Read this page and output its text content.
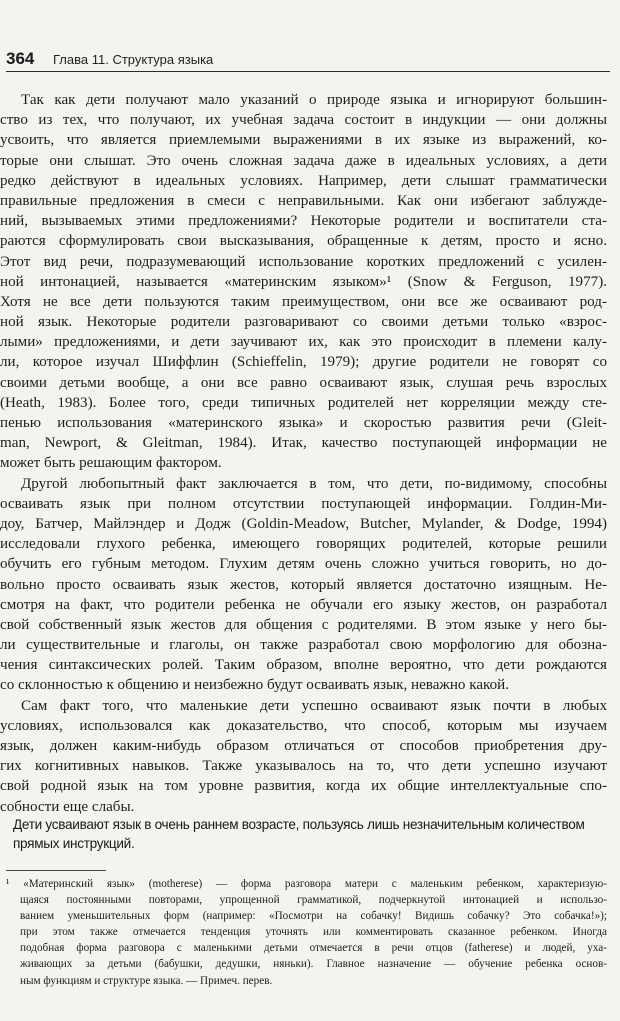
364 Глава 11. Структура языка
Так как дети получают мало указаний о природе языка и игнорируют большин-
ство из тех, что получают, их учебная задача состоит в индукции — они должны
усвоить, что является приемлемыми выражениями в их языке из выражений, ко-
торые они слышат. Это очень сложная задача даже в идеальных условиях, а дети
редко действуют в идеальных условиях. Например, дети слышат грамматически
правильные предложения в смеси с неправильными. Как они избегают заблужде-
ний, вызываемых этими предложениями? Некоторые родители и воспитатели ста-
раются сформулировать свои высказывания, обращенные к детям, просто и ясно.
Этот вид речи, подразумевающий использование коротких предложений с усилен-
ной интонацией, называется «материнским языком»¹ (Snow & Ferguson, 1977).
Хотя не все дети пользуются таким преимуществом, они все же осваивают род-
ной язык. Некоторые родители разговаривают со своими детьми только «взрос-
лыми» предложениями, и дети заучивают их, как это происходит в племени калу-
ли, которое изучал Шиффлин (Schieffelin, 1979); другие родители не говорят со
своими детьми вообще, а они все равно осваивают язык, слушая речь взрослых
(Heath, 1983). Более того, среди типичных родителей нет корреляции между сте-
пенью использования «материнского языка» и скоростью развития речи (Gleit-
man, Newport, & Gleitman, 1984). Итак, качество поступающей информации не
может быть решающим фактором.
Другой любопытный факт заключается в том, что дети, по-видимому, способны
осваивать язык при полном отсутствии поступающей информации. Голдин-Ми-
доу, Батчер, Майлэндер и Додж (Goldin-Meadow, Butcher, Mylander, & Dodge, 1994)
исследовали глухого ребенка, имеющего говорящих родителей, которые решили
обучить его губным методом. Глухим детям очень сложно учиться говорить, но до-
вольно просто осваивать язык жестов, который является достаточно изящным. Не-
смотря на факт, что родители ребенка не обучали его языку жестов, он разработал
свой собственный язык жестов для общения с родителями. В этом языке у него бы-
ли существительные и глаголы, он также разработал свою морфологию для обозна-
чения синтаксических ролей. Таким образом, вполне вероятно, что дети рождаются
со склонностью к общению и неизбежно будут осваивать язык, неважно какой.
Сам факт того, что маленькие дети успешно осваивают язык почти в любых
условиях, использовался как доказательство, что способ, которым мы изучаем
язык, должен каким-нибудь образом отличаться от способов приобретения дру-
гих когнитивных навыков. Также указывалось на то, что дети успешно изучают
свой родной язык на том уровне развития, когда их общие интеллектуальные спо-
собности еще слабы.
Дети усваивают язык в очень раннем возрасте, пользуясь лишь незначительным количеством
прямых инструкций.
¹ «Материнский язык» (motherese) — форма разговора матери с маленьким ребенком, характеризую-
щаяся постоянными повторами, упрощенной грамматикой, подчеркнутой интонацией и использо-
ванием уменьшительных форм (например: «Посмотри на собачку! Видишь собачку? Это собачка!»);
при этом также отмечается тенденция уточнять или комментировать сказанное ребенком. Иногда
подобная форма разговора с маленькими детьми отмечается в речи отцов (fatherese) и людей, уха-
живающих за детьми (бабушки, дедушки, няньки). Главное назначение — обучение ребенка основ-
ным функциям и структуре языка. — Примеч. перев.
